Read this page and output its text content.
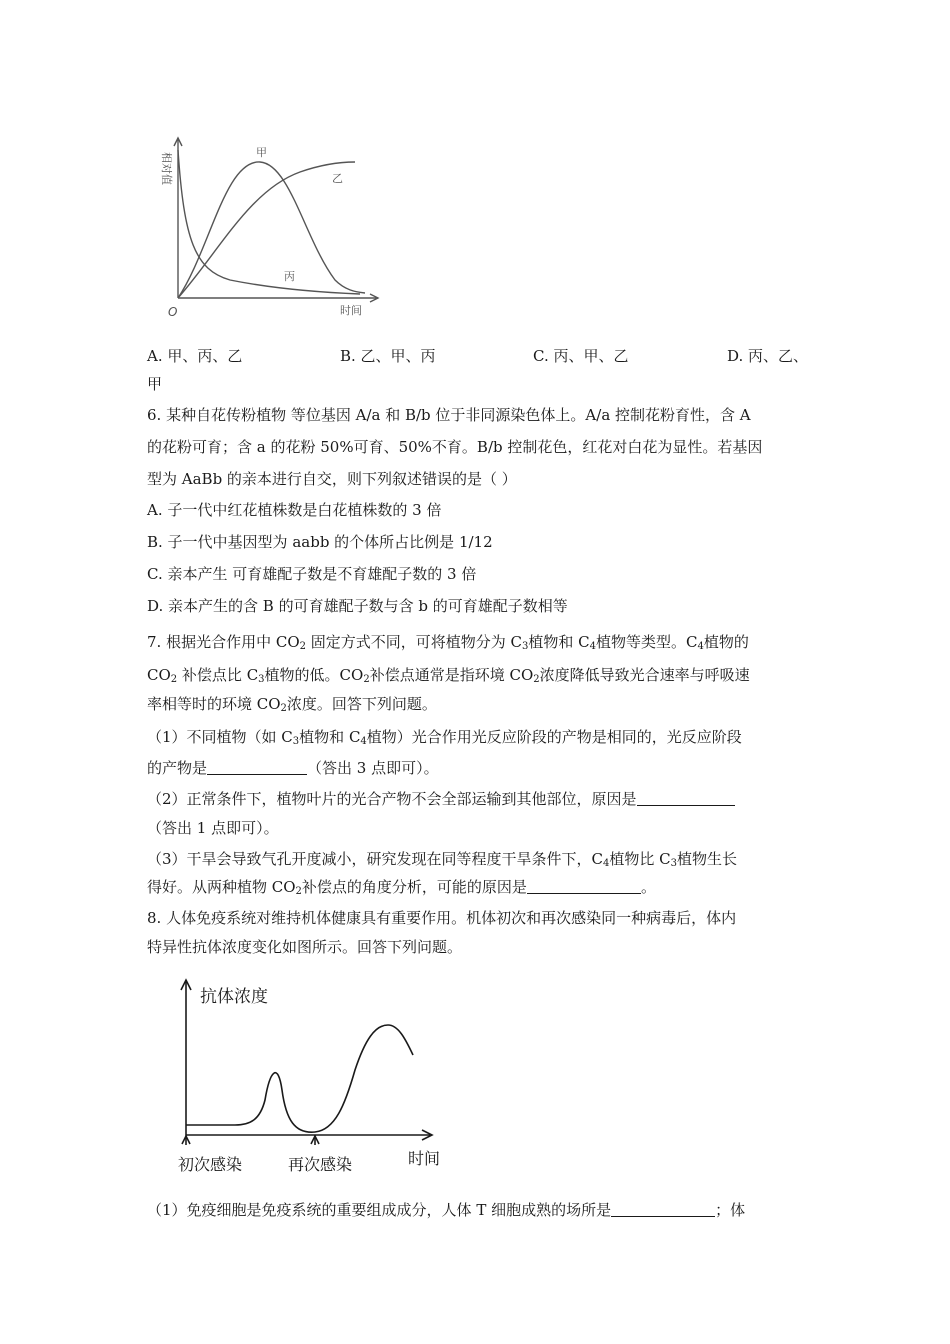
相对值
O	时间
甲
乙
丙
A. 甲、丙、乙	B. 乙、甲、丙	C. 丙、甲、乙	D. 丙、乙、
甲
6. 某种自花传粉植物 等位基因 A/a 和 B/b 位于非同源染色体上。A/a 控制花粉育性，含 A
的花粉可育；含 a 的花粉 50%可育、50%不育。B/b 控制花色，红花对白花为显性。若基因
型为 AaBb 的亲本进行自交，则下列叙述错误的是（ ）
A. 子一代中红花植株数是白花植株数的 3 倍
B. 子一代中基因型为 aabb 的个体所占比例是 1/12
C. 亲本产生 可育雄配子数是不育雄配子数的 3 倍
D. 亲本产生的含 B 的可育雄配子数与含 b 的可育雄配子数相等
7. 根据光合作用中 $CO_2$ 固定方式不同，可将植物分为 $C_3$植物和 $C_4$植物等类型。$C_4$植物的
$CO_2$ 补偿点比 $C_3$植物的低。$CO_2$补偿点通常是指环境 $CO_2$浓度降低导致光合速率与呼吸速
率相等时的环境 $CO_2$浓度。回答下列问题。
（1）不同植物（如 $C_3$植物和 $C_4$植物）光合作用光反应阶段的产物是相同的，光反应阶段
的产物是	（答出 3 点即可）。
（2）正常条件下，植物叶片的光合产物不会全部运输到其他部位，原因是
（答出 1 点即可）。
（3）干旱会导致气孔开度减小，研究发现在同等程度干旱条件下，$C_4$植物比 $C_3$植物生长
得好。从两种植物 $CO_2$补偿点的角度分析，可能的原因是	。
8. 人体免疫系统对维持机体健康具有重要作用。机体初次和再次感染同一种病毒后，体内
特异性抗体浓度变化如图所示。回答下列问题。
抗体浓度
初次感染	再次感染	时间
（1）免疫细胞是免疫系统的重要组成成分，人体 T 细胞成熟的场所是	；体
